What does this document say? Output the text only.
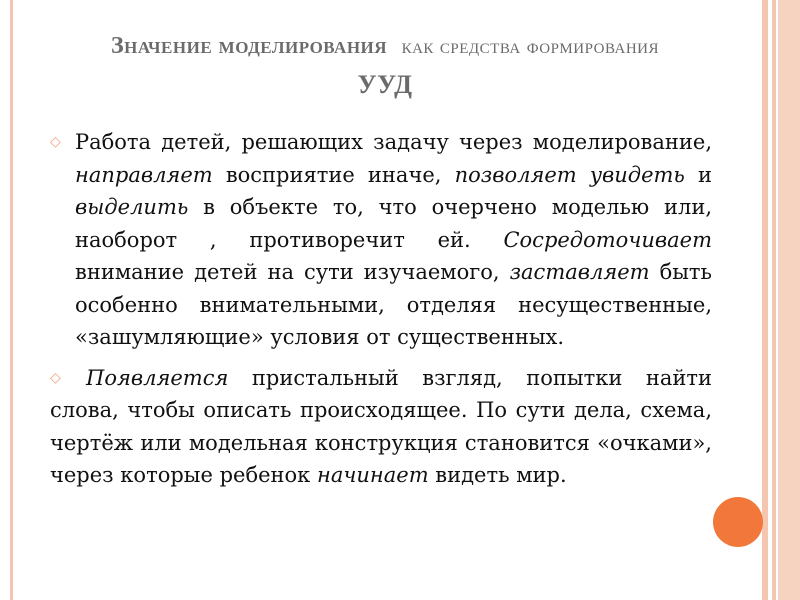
Значение моделирования как средства формирования
УУД

◇ Работа детей, решающих задачу через моделирование, направляет восприятие иначе, позволяет увидеть и выделить в объекте то, что очерчено моделью или, наоборот , противоречит ей. Сосредоточивает внимание детей на сути изучаемого, заставляет быть особенно внимательными, отделяя несущественные, «зашумляющие» условия от существенных.

◇ Появляется пристальный взгляд, попытки найти слова, чтобы описать происходящее. По сути дела, схема, чертёж или модельная конструкция становится «очками», через которые ребенок начинает видеть мир.
